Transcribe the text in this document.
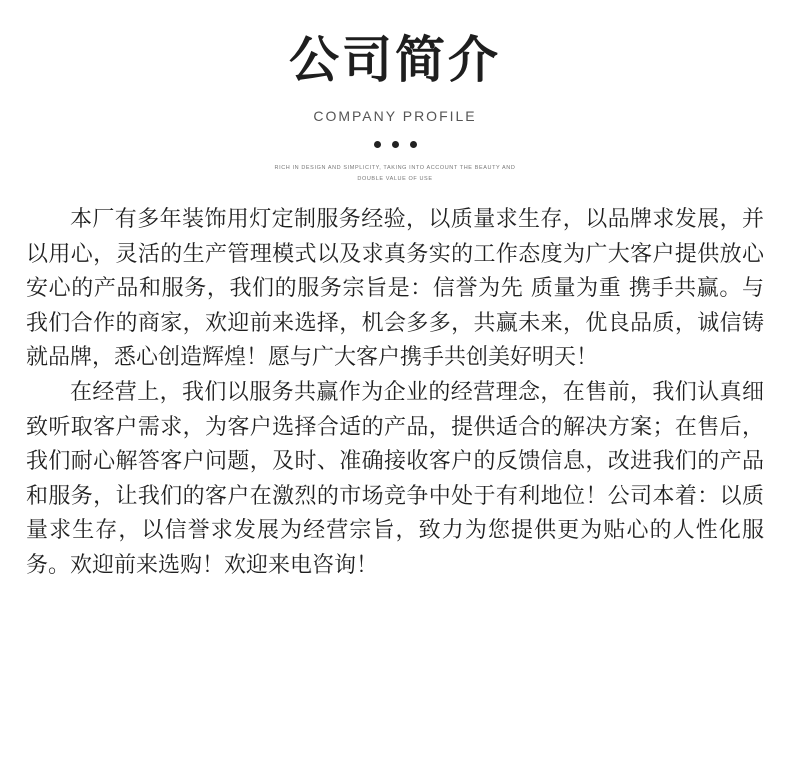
公司简介
COMPANY PROFILE
RICH IN DESIGN AND SIMPLICITY, TAKING INTO ACCOUNT THE BEAUTY AND
DOUBLE VALUE OF USE

本厂有多年装饰用灯定制服务经验，以质量求生存，以品牌求发展，并以用心，灵活的生产管理模式以及求真务实的工作态度为广大客户提供放心安心的产品和服务，我们的服务宗旨是：信誉为先 质量为重 携手共赢。与我们合作的商家，欢迎前来选择，机会多多，共赢未来，优良品质，诚信铸就品牌，悉心创造辉煌！愿与广大客户携手共创美好明天！

在经营上，我们以服务共赢作为企业的经营理念，在售前，我们认真细致听取客户需求，为客户选择合适的产品，提供适合的解决方案；在售后，我们耐心解答客户问题，及时、准确接收客户的反馈信息，改进我们的产品和服务，让我们的客户在激烈的市场竞争中处于有利地位！公司本着：以质量求生存，以信誉求发展为经营宗旨，致力为您提供更为贴心的人性化服务。欢迎前来选购！欢迎来电咨询！
